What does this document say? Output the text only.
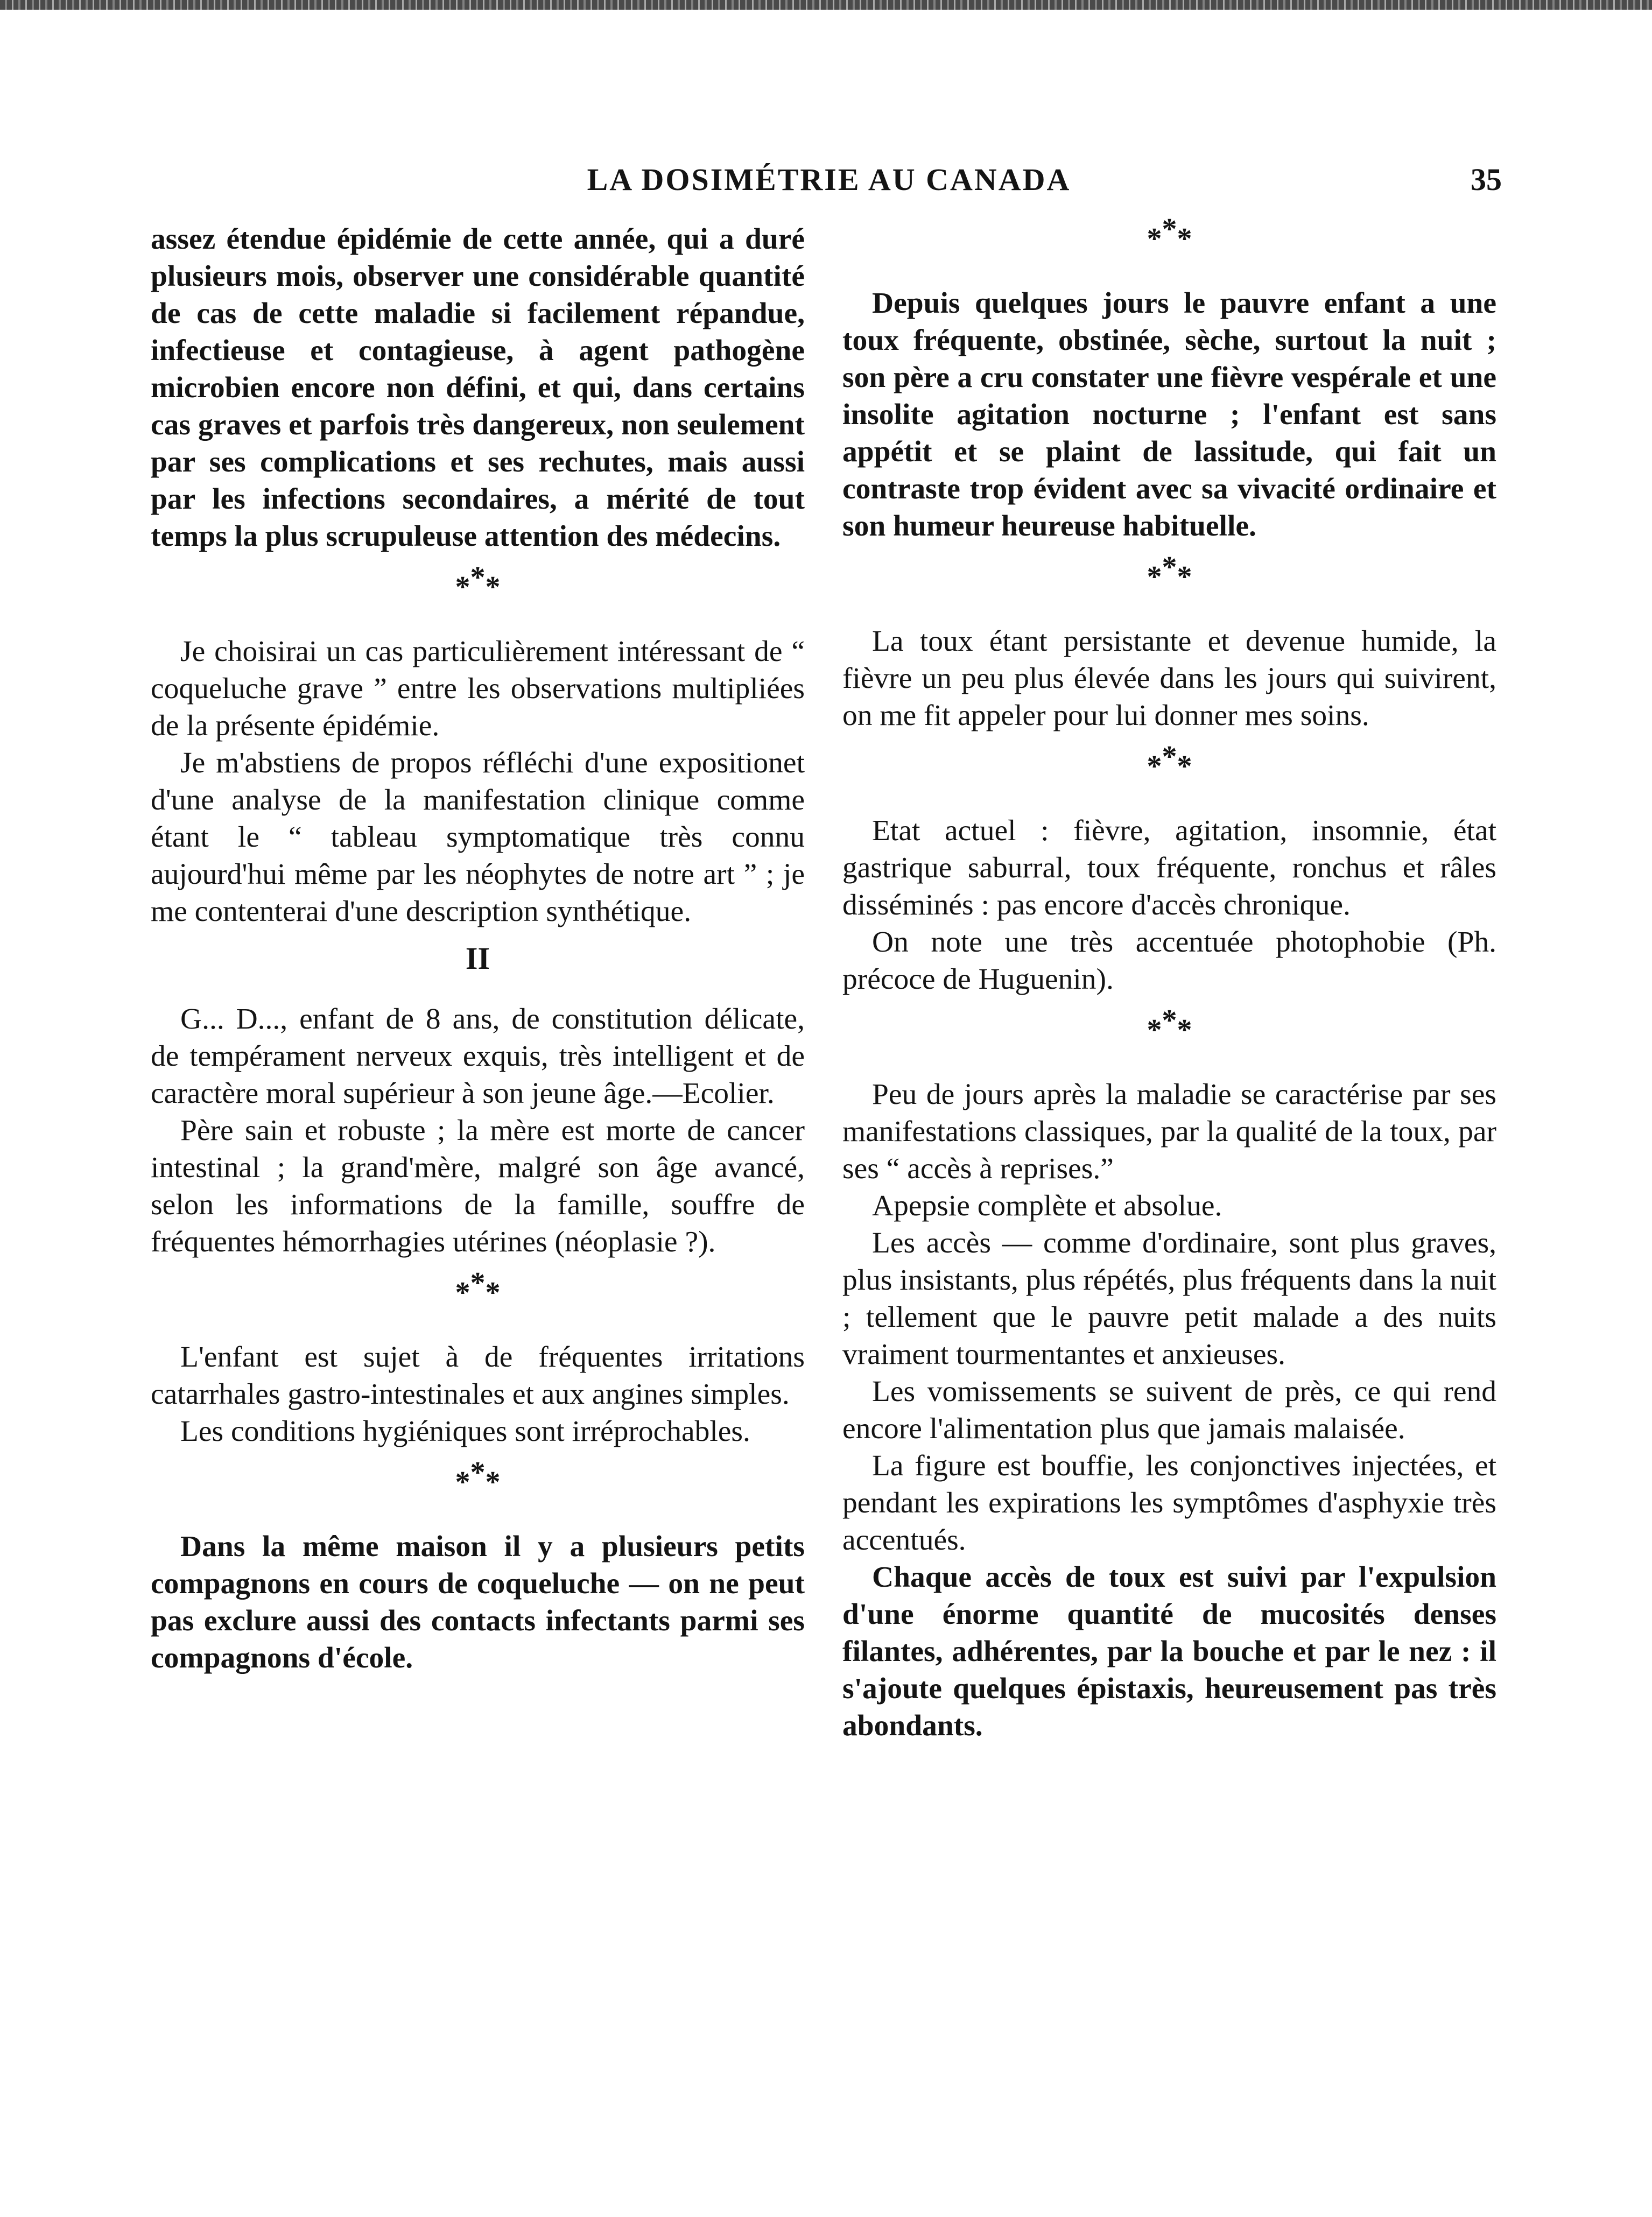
LA DOSIMÉTRIE AU CANADA	35

assez étendue épidémie de cette année, qui a duré plusieurs mois, observer une considérable quantité de cas de cette maladie si facilement répandue, infectieuse et contagieuse, à agent pathogène microbien encore non défini, et qui, dans certains cas graves et parfois très dangereux, non seulement par ses complications et ses rechutes, mais aussi par les infections secondaires, a mérité de tout temps la plus scrupuleuse attention des médecins.

***

Je choisirai un cas particulièrement intéressant de “ coqueluche grave ” entre les observations multipliées de la présente épidémie.

Je m'abstiens de propos réfléchi d'une expositionet d'une analyse de la manifestation clinique comme étant le “ tableau symptomatique très connu aujourd'hui même par les néophytes de notre art ” ; je me contenterai d'une description synthétique.

II

G... D..., enfant de 8 ans, de constitution délicate, de tempérament nerveux exquis, très intelligent et de caractère moral supérieur à son jeune âge.—Ecolier.

Père sain et robuste ; la mère est morte de cancer intestinal ; la grand'mère, malgré son âge avancé, selon les informations de la famille, souffre de fréquentes hémorrhagies utérines (néoplasie ?).

***

L'enfant est sujet à de fréquentes irritations catarrhales gastro-intestinales et aux angines simples.

Les conditions hygiéniques sont irréprochables.

***

Dans la même maison il y a plusieurs petits compagnons en cours de coqueluche — on ne peut pas exclure aussi des contacts infectants parmi ses compagnons d'école.

***

Depuis quelques jours le pauvre enfant a une toux fréquente, obstinée, sèche, surtout la nuit ; son père a cru constater une fièvre vespérale et une insolite agitation nocturne ; l'enfant est sans appétit et se plaint de lassitude, qui fait un contraste trop évident avec sa vivacité ordinaire et son humeur heureuse habituelle.

***

La toux étant persistante et devenue humide, la fièvre un peu plus élevée dans les jours qui suivirent, on me fit appeler pour lui donner mes soins.

***

Etat actuel : fièvre, agitation, insomnie, état gastrique saburral, toux fréquente, ronchus et râles disséminés : pas encore d'accès chronique.

On note une très accentuée photophobie (Ph. précoce de Huguenin).

***

Peu de jours après la maladie se caractérise par ses manifestations classiques, par la qualité de la toux, par ses “ accès à reprises.”

Apepsie complète et absolue.

Les accès — comme d'ordinaire, sont plus graves, plus insistants, plus répétés, plus fréquents dans la nuit ; tellement que le pauvre petit malade a des nuits vraiment tourmentantes et anxieuses.

Les vomissements se suivent de près, ce qui rend encore l'alimentation plus que jamais malaisée.

La figure est bouffie, les conjonctives injectées, et pendant les expirations les symptômes d'asphyxie très accentués.

Chaque accès de toux est suivi par l'expulsion d'une énorme quantité de mucosités denses filantes, adhérentes, par la bouche et par le nez : il s'ajoute quelques épistaxis, heureusement pas très abondants.
